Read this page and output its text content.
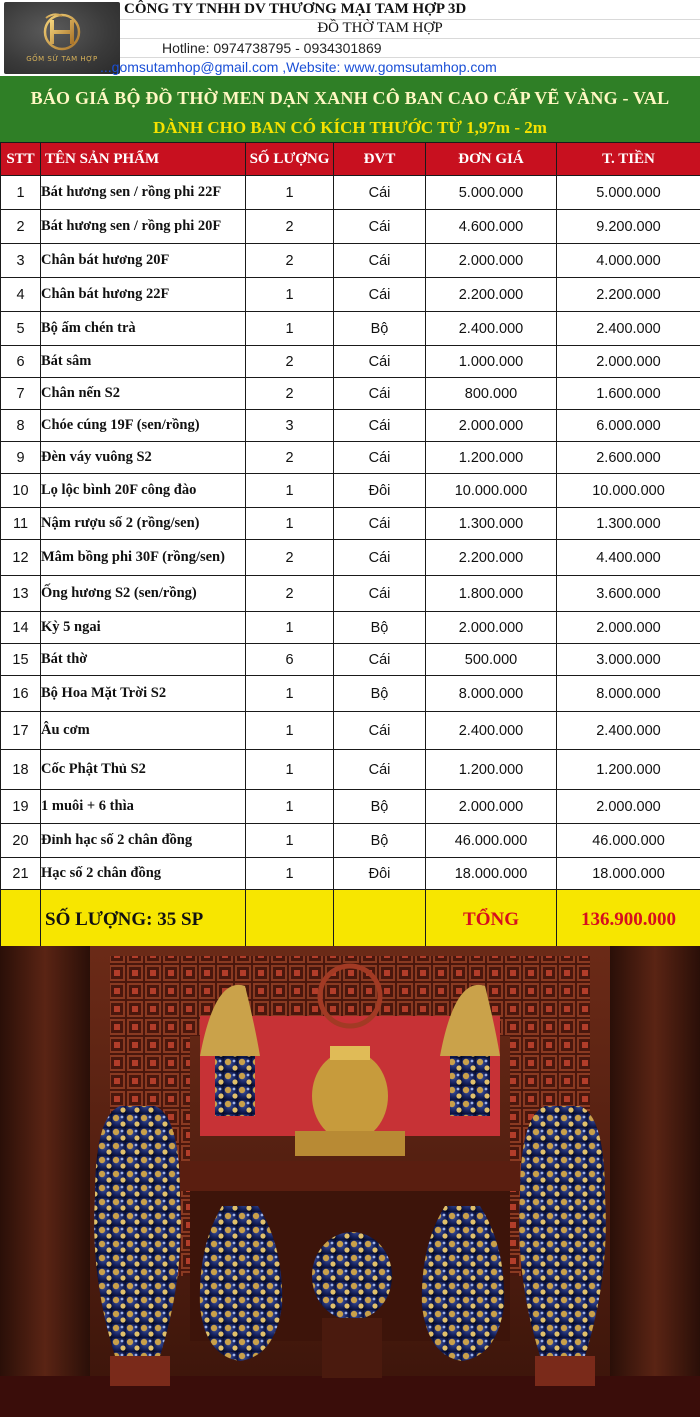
GỐM SỨ TAM HỢP
CÔNG TY TNHH DV THƯƠNG MẠI TAM HỢP 3D
ĐỒ THỜ TAM HỢP
Hotline: 0974738795 - 0934301869
...gomsutamhop@gmail.com ,Website: www.gomsutamhop.com
BÁO GIÁ BỘ ĐỒ THỜ MEN DẠN XANH CÔ BAN CAO CẤP VẼ VÀNG - VAL
DÀNH CHO BAN CÓ KÍCH THƯỚC TỪ 1,97m - 2m
STT	TÊN SẢN PHẨM	SỐ LƯỢNG	ĐVT	ĐƠN GIÁ	T. TIỀN
1	Bát hương sen / rồng phi 22F	1	Cái	5.000.000	5.000.000
2	Bát hương sen / rồng phi 20F	2	Cái	4.600.000	9.200.000
3	Chân bát hương 20F	2	Cái	2.000.000	4.000.000
4	Chân bát hương 22F	1	Cái	2.200.000	2.200.000
5	Bộ ấm chén trà	1	Bộ	2.400.000	2.400.000
6	Bát sâm	2	Cái	1.000.000	2.000.000
7	Chân nến S2	2	Cái	800.000	1.600.000
8	Chóe cúng 19F (sen/rồng)	3	Cái	2.000.000	6.000.000
9	Đèn váy vuông S2	2	Cái	1.200.000	2.600.000
10	Lọ lộc bình 20F công đào	1	Đôi	10.000.000	10.000.000
11	Nậm rượu số 2 (rồng/sen)	1	Cái	1.300.000	1.300.000
12	Mâm bồng phi 30F (rồng/sen)	2	Cái	2.200.000	4.400.000
13	Ống hương S2 (sen/rồng)	2	Cái	1.800.000	3.600.000
14	Kỳ 5 ngai	1	Bộ	2.000.000	2.000.000
15	Bát thờ	6	Cái	500.000	3.000.000
16	Bộ Hoa Mặt Trời S2	1	Bộ	8.000.000	8.000.000
17	Âu cơm	1	Cái	2.400.000	2.400.000
18	Cốc Phật Thủ S2	1	Cái	1.200.000	1.200.000
19	1 muôi + 6 thìa	1	Bộ	2.000.000	2.000.000
20	Đỉnh hạc số 2 chân đồng	1	Bộ	46.000.000	46.000.000
21	Hạc số 2 chân đồng	1	Đôi	18.000.000	18.000.000
	SỐ LƯỢNG: 35 SP			TỔNG	136.900.000
